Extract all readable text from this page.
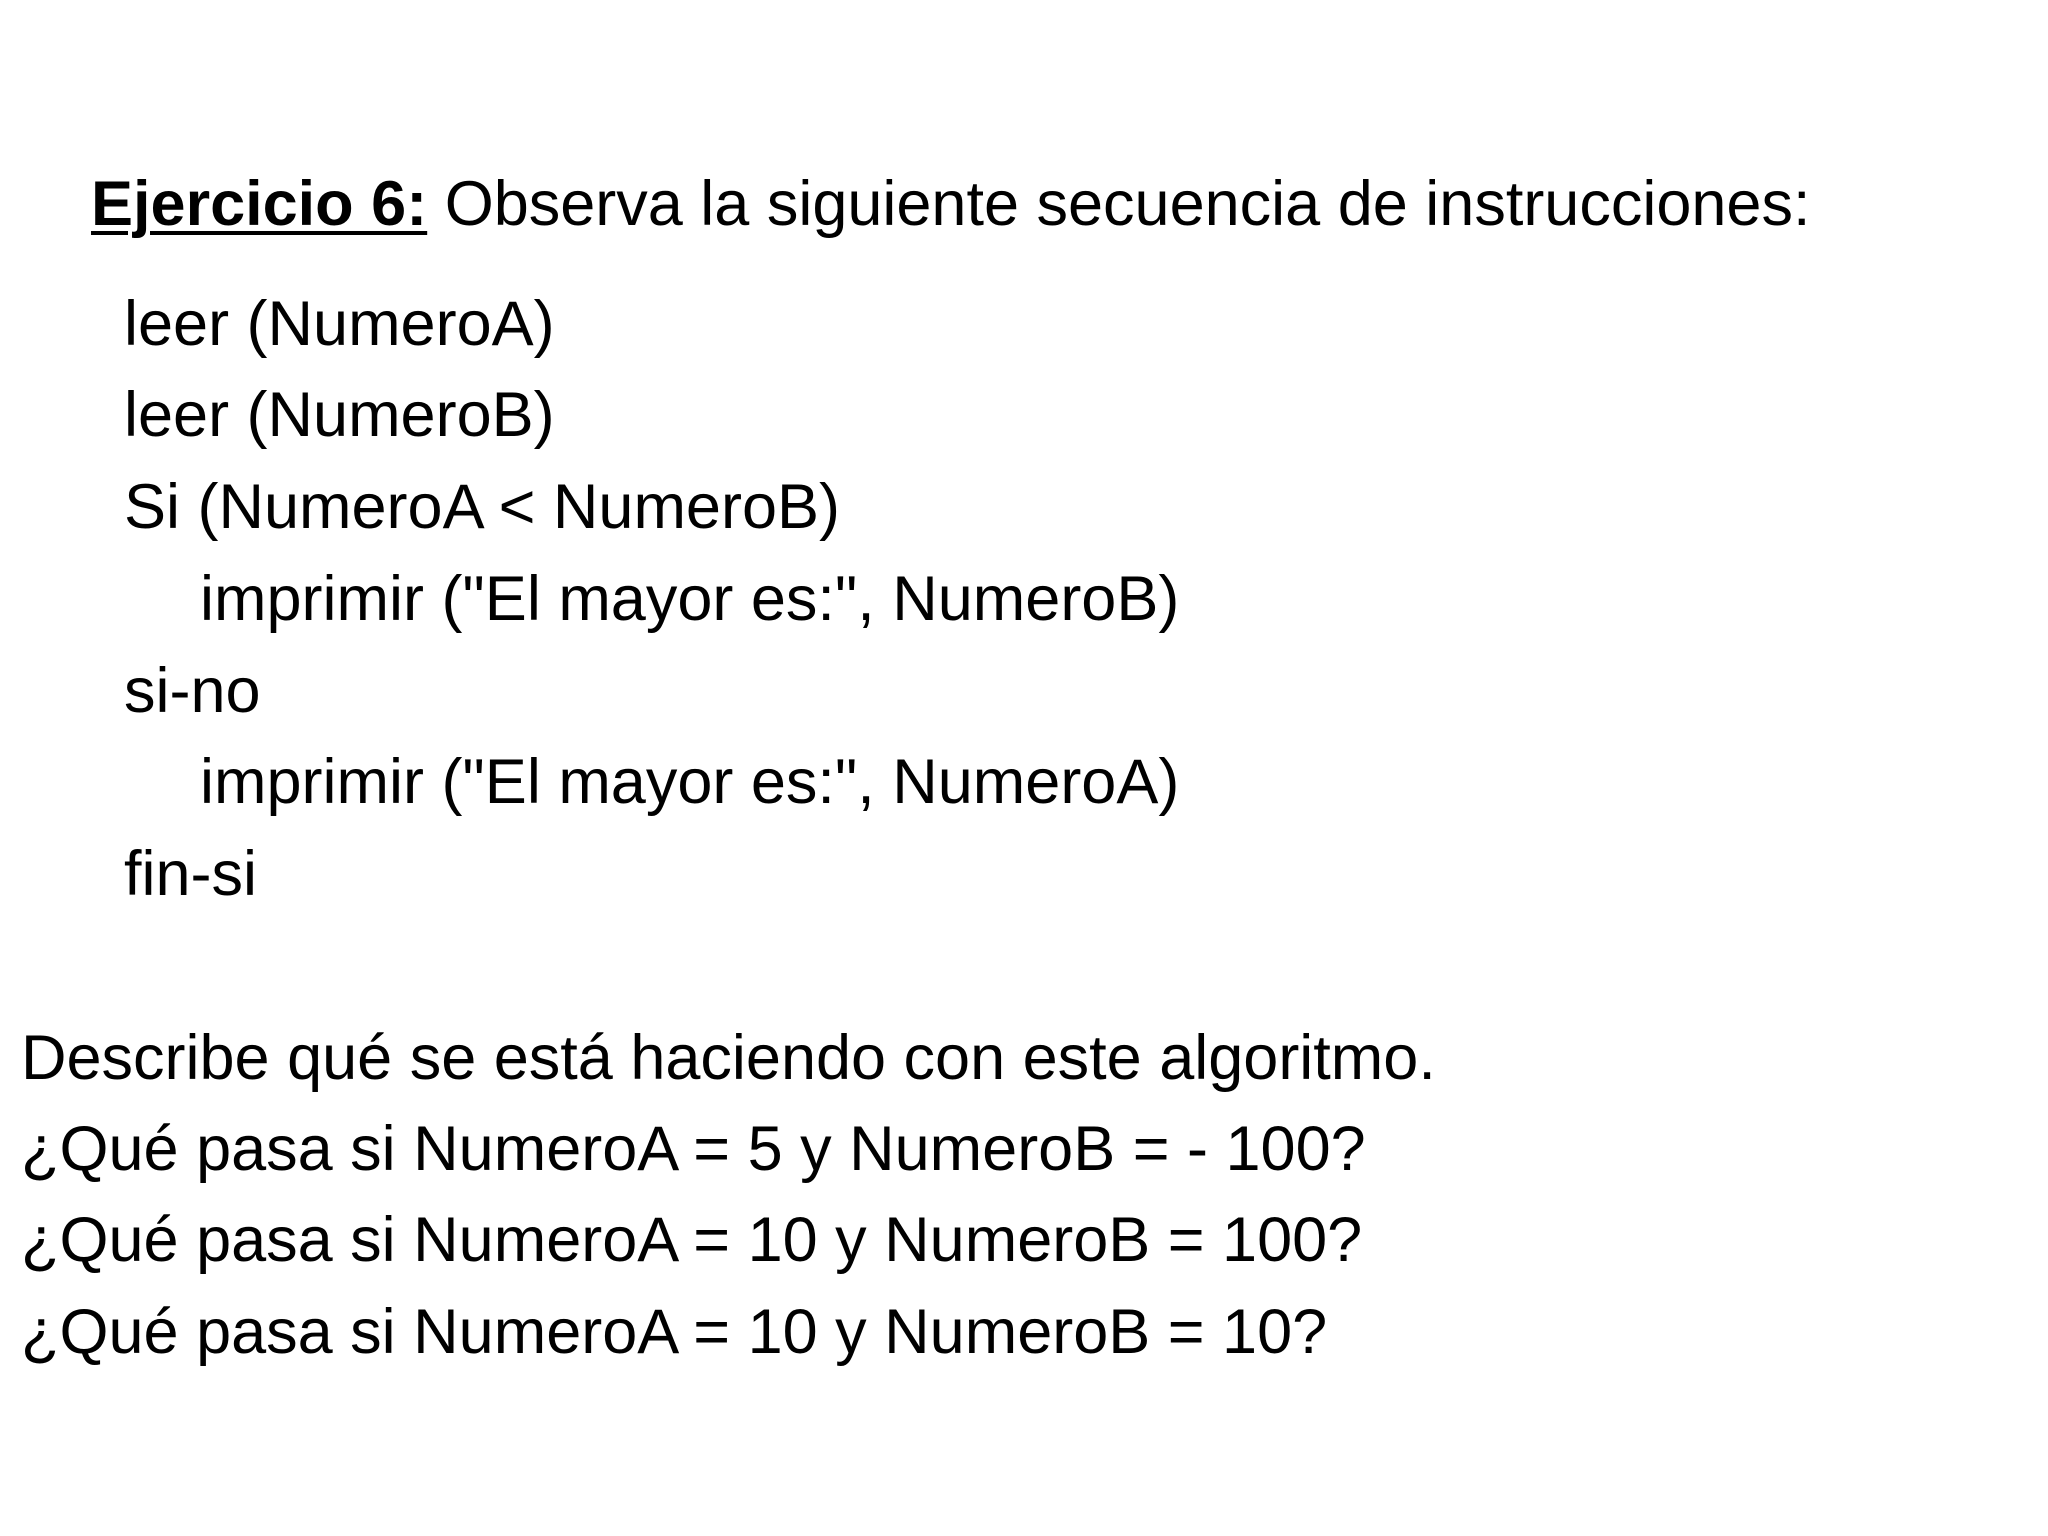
Ejercicio 6: Observa la siguiente secuencia de instrucciones:

leer (NumeroA)
leer (NumeroB)
Si (NumeroA < NumeroB)
imprimir ("El mayor es:", NumeroB)
si-no
imprimir ("El mayor es:", NumeroA)
fin-si
Describe qué se está haciendo con este algoritmo.
¿Qué pasa si NumeroA = 5 y NumeroB = - 100?
¿Qué pasa si NumeroA = 10 y NumeroB = 100?
¿Qué pasa si NumeroA = 10 y NumeroB = 10?
